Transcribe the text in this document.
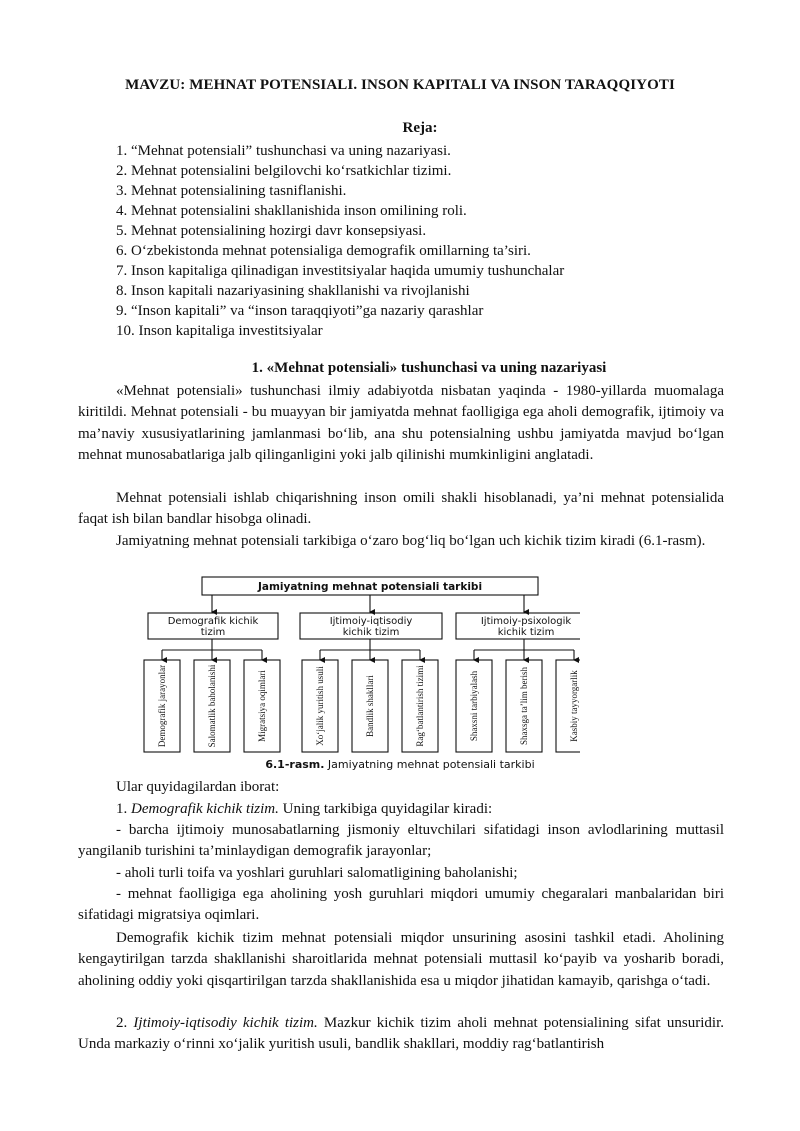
MAVZU: MEHNAT POTENSIALI. INSON KAPITALI VA INSON TARAQQIYOTI
Reja:
1. “Mehnat potensiali” tushunchasi va uning nazariyasi.
2. Mehnat potensialini belgilovchi koʻrsatkichlar tizimi.
3. Mehnat potensialining tasniflanishi.
4. Mehnat potensialini shakllanishida inson omilining roli.
5. Mehnat potensialining hozirgi davr konsepsiyasi.
6. Oʻzbekistonda mehnat potensialiga demografik omillarning ta’siri.
7. Inson kapitaliga qilinadigan investitsiyalar haqida umumiy tushunchalar
8. Inson kapitali nazariyasining shakllanishi va rivojlanishi
9. “Inson kapitali” va “inson taraqqiyoti”ga nazariy qarashlar
10. Inson kapitaliga investitsiyalar
1. «Mehnat potensiali» tushunchasi va uning nazariyasi

«Mehnat potensiali» tushunchasi ilmiy adabiyotda nisbatan yaqinda - 1980-yillarda muomalaga kiritildi. Mehnat potensiali - bu muayyan bir jamiyatda mehnat faolligiga ega aholi demografik, ijtimoiy va ma’naviy xususiyatlarining jamlanmasi boʻlib, ana shu potensialning ushbu jamiyatda mavjud boʻlgan mehnat munosabatlariga jalb qilinganligini yoki jalb qilinishi mumkinligini anglatadi.

Mehnat potensiali ishlab chiqarishning inson omili shakli hisoblanadi, ya’ni mehnat potensialida faqat ish bilan bandlar hisobga olinadi.

Jamiyatning mehnat potensiali tarkibiga oʻzaro bogʻliq boʻlgan uch kichik tizim kiradi (6.1-rasm).

Jamiyatning mehnat potensiali tarkibi
Demografik kichik
tizim
Ijtimoiy-iqtisodiy
kichik tizim
Ijtimoiy-psixologik
kichik tizim
Demografik jarayonlar	Salomatlik baholanishi	Migratsiya oqimlari	Xoʻjalik yuritish usuli	Bandlik shakllari	Ragʻbatlantirish tizimi	Shaxsni tarbiyalash	Shaxsga ta’lim berish	Kasbiy tayyorgarlik
6.1-rasm. Jamiyatning mehnat potensiali tarkibi

Ular quyidagilardan iborat:

1. Demografik kichik tizim. Uning tarkibiga quyidagilar kiradi:

- barcha ijtimoiy munosabatlarning jismoniy eltuvchilari sifatidagi inson avlodlarining muttasil yangilanib turishini ta’minlaydigan demografik jarayonlar;

- aholi turli toifa va yoshlari guruhlari salomatligining baholanishi;

- mehnat faolligiga ega aholining yosh guruhlari miqdori umumiy chegaralari manbalaridan biri sifatidagi migratsiya oqimlari.

Demografik kichik tizim mehnat potensiali miqdor unsurining asosini tashkil etadi. Aholining kengaytirilgan tarzda shakllanishi sharoitlarida mehnat potensiali muttasil koʻpayib va yosharib boradi, aholining oddiy yoki qisqartirilgan tarzda shakllanishida esa u miqdor jihatidan kamayib, qarishga oʻtadi.

2. Ijtimoiy-iqtisodiy kichik tizim. Mazkur kichik tizim aholi mehnat potensialining sifat unsuridir. Unda markaziy oʻrinni xoʻjalik yuritish usuli, bandlik shakllari, moddiy ragʻbatlantirish
